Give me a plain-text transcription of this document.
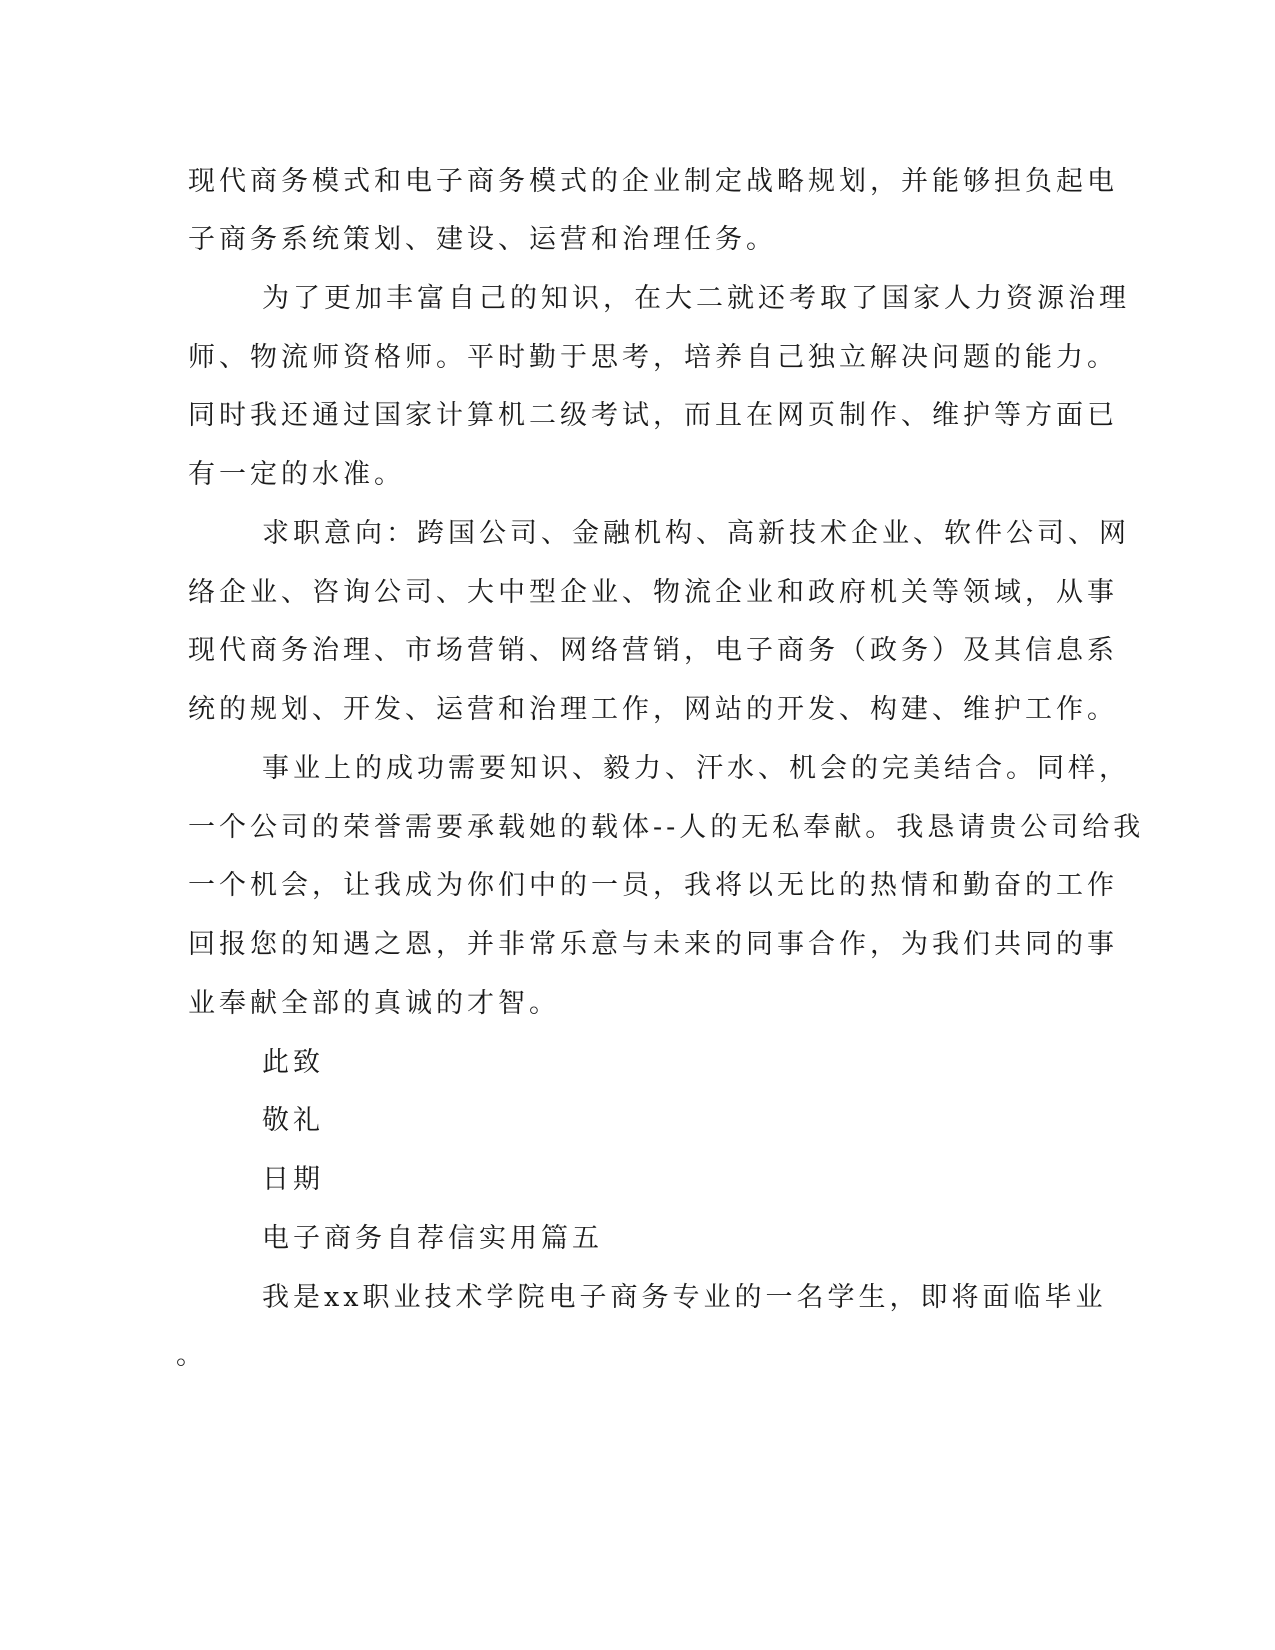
现代商务模式和电子商务模式的企业制定战略规划，并能够担负起电
子商务系统策划、建设、运营和治理任务。
为了更加丰富自己的知识，在大二就还考取了国家人力资源治理
师、物流师资格师。平时勤于思考，培养自己独立解决问题的能力。
同时我还通过国家计算机二级考试，而且在网页制作、维护等方面已
有一定的水准。
求职意向：跨国公司、金融机构、高新技术企业、软件公司、网
络企业、咨询公司、大中型企业、物流企业和政府机关等领域，从事
现代商务治理、市场营销、网络营销，电子商务（政务）及其信息系
统的规划、开发、运营和治理工作，网站的开发、构建、维护工作。
事业上的成功需要知识、毅力、汗水、机会的完美结合。同样，
一个公司的荣誉需要承载她的载体--人的无私奉献。我恳请贵公司给我
一个机会，让我成为你们中的一员，我将以无比的热情和勤奋的工作
回报您的知遇之恩，并非常乐意与未来的同事合作，为我们共同的事
业奉献全部的真诚的才智。
此致
敬礼
日期
电子商务自荐信实用篇五
我是xx职业技术学院电子商务专业的一名学生，即将面临毕业
。
